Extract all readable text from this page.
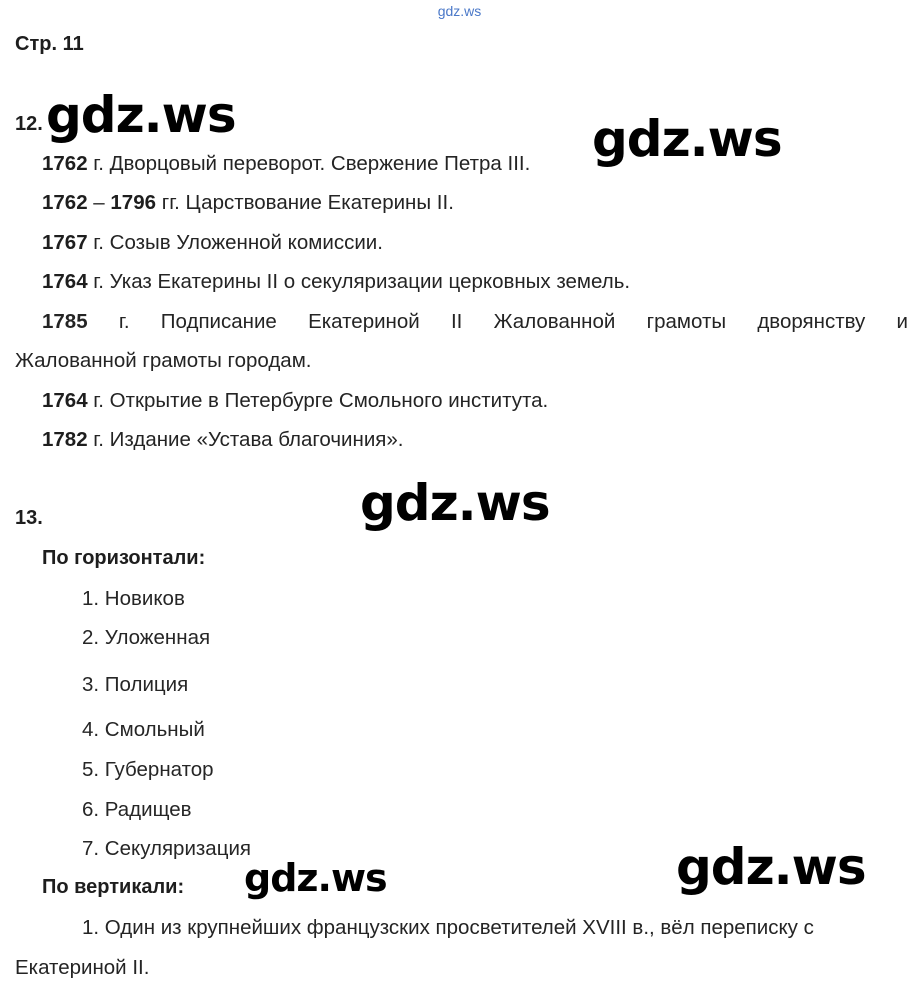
gdz.ws
Стр. 11
12.
1762 г. Дворцовый переворот. Свержение Петра III.
1762 – 1796 гг. Царствование Екатерины II.
1767 г. Созыв Уложенной комиссии.
1764 г. Указ Екатерины II о секуляризации церковных земель.
1785 г. Подписание Екатериной II Жалованной грамоты дворянству и
Жалованной грамоты городам.
1764 г. Открытие в Петербурге Смольного института.
1782 г. Издание «Устава благочиния».
13.
По горизонтали:
1. Новиков
2. Уложенная
3. Полиция
4. Смольный
5. Губернатор
6. Радищев
7. Секуляризация
По вертикали:
1. Один из крупнейших французских просветителей XVIII в., вёл переписку с
Екатериной II.
gdz.ws	gdz.ws
gdz.ws
gdz.ws	gdz.ws
